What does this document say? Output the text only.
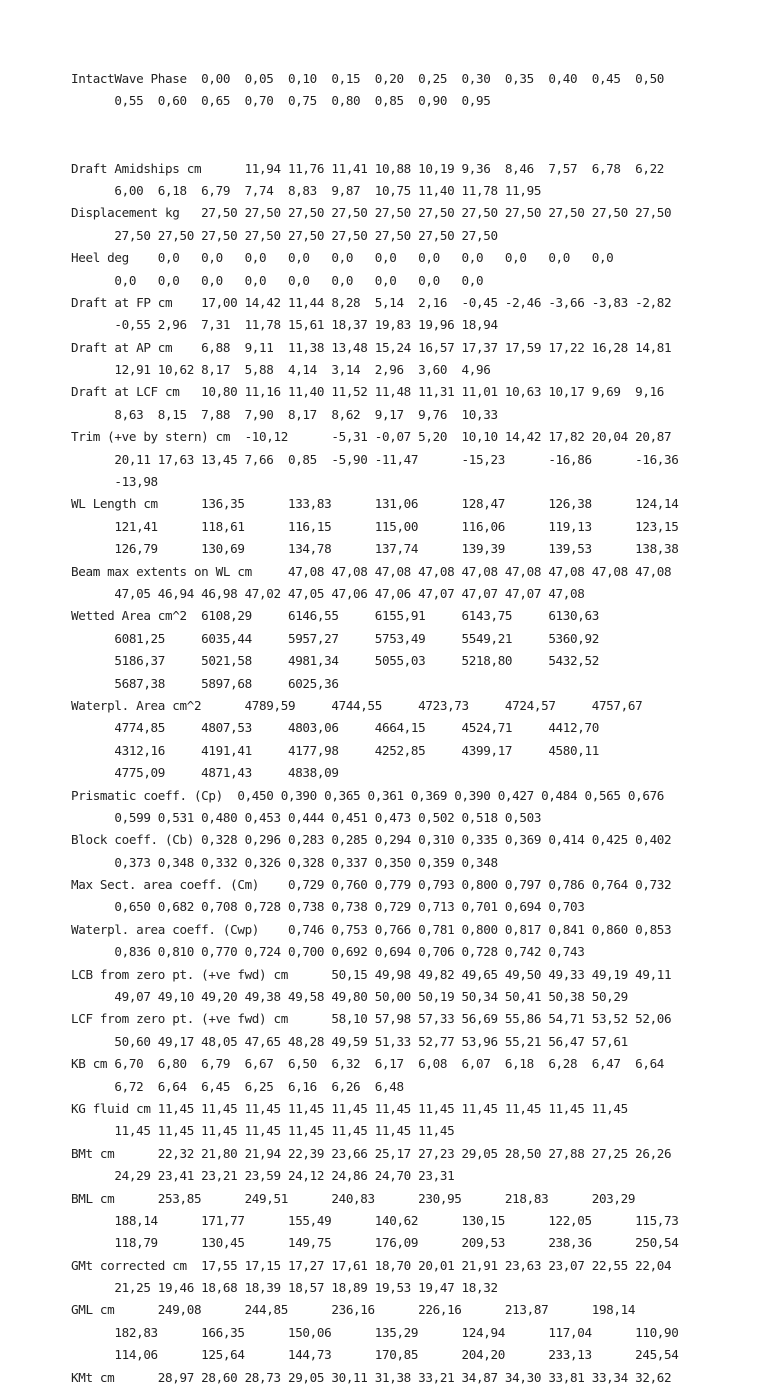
IntactWave Phase  0,00  0,05  0,10  0,15  0,20  0,25  0,30  0,35  0,40  0,45  0,50
0,55  0,60  0,65  0,70  0,75  0,80  0,85  0,90  0,95
Draft Amidships cm      11,94 11,76 11,41 10,88 10,19 9,36  8,46  7,57  6,78  6,22
6,00  6,18  6,79  7,74  8,83  9,87  10,75 11,40 11,78 11,95
Displacement kg   27,50 27,50 27,50 27,50 27,50 27,50 27,50 27,50 27,50 27,50 27,50
27,50 27,50 27,50 27,50 27,50 27,50 27,50 27,50 27,50
Heel deg    0,0   0,0   0,0   0,0   0,0   0,0   0,0   0,0   0,0   0,0   0,0
0,0   0,0   0,0   0,0   0,0   0,0   0,0   0,0   0,0
Draft at FP cm    17,00 14,42 11,44 8,28  5,14  2,16  -0,45 -2,46 -3,66 -3,83 -2,82
-0,55 2,96  7,31  11,78 15,61 18,37 19,83 19,96 18,94
Draft at AP cm    6,88  9,11  11,38 13,48 15,24 16,57 17,37 17,59 17,22 16,28 14,81
12,91 10,62 8,17  5,88  4,14  3,14  2,96  3,60  4,96
Draft at LCF cm   10,80 11,16 11,40 11,52 11,48 11,31 11,01 10,63 10,17 9,69  9,16
8,63  8,15  7,88  7,90  8,17  8,62  9,17  9,76  10,33
Trim (+ve by stern) cm  -10,12      -5,31 -0,07 5,20  10,10 14,42 17,82 20,04 20,87
20,11 17,63 13,45 7,66  0,85  -5,90 -11,47      -15,23      -16,86      -16,36
-13,98
WL Length cm      136,35      133,83      131,06      128,47      126,38      124,14
121,41      118,61      116,15      115,00      116,06      119,13      123,15
126,79      130,69      134,78      137,74      139,39      139,53      138,38
Beam max extents on WL cm     47,08 47,08 47,08 47,08 47,08 47,08 47,08 47,08 47,08
47,05 46,94 46,98 47,02 47,05 47,06 47,06 47,07 47,07 47,07 47,08
Wetted Area cm^2  6108,29     6146,55     6155,91     6143,75     6130,63
6081,25     6035,44     5957,27     5753,49     5549,21     5360,92
5186,37     5021,58     4981,34     5055,03     5218,80     5432,52
5687,38     5897,68     6025,36
Waterpl. Area cm^2      4789,59     4744,55     4723,73     4724,57     4757,67
4774,85     4807,53     4803,06     4664,15     4524,71     4412,70
4312,16     4191,41     4177,98     4252,85     4399,17     4580,11
4775,09     4871,43     4838,09
Prismatic coeff. (Cp)  0,450 0,390 0,365 0,361 0,369 0,390 0,427 0,484 0,565 0,676
0,599 0,531 0,480 0,453 0,444 0,451 0,473 0,502 0,518 0,503
Block coeff. (Cb) 0,328 0,296 0,283 0,285 0,294 0,310 0,335 0,369 0,414 0,425 0,402
0,373 0,348 0,332 0,326 0,328 0,337 0,350 0,359 0,348
Max Sect. area coeff. (Cm)    0,729 0,760 0,779 0,793 0,800 0,797 0,786 0,764 0,732
0,650 0,682 0,708 0,728 0,738 0,738 0,729 0,713 0,701 0,694 0,703
Waterpl. area coeff. (Cwp)    0,746 0,753 0,766 0,781 0,800 0,817 0,841 0,860 0,853
0,836 0,810 0,770 0,724 0,700 0,692 0,694 0,706 0,728 0,742 0,743
LCB from zero pt. (+ve fwd) cm      50,15 49,98 49,82 49,65 49,50 49,33 49,19 49,11
49,07 49,10 49,20 49,38 49,58 49,80 50,00 50,19 50,34 50,41 50,38 50,29
LCF from zero pt. (+ve fwd) cm      58,10 57,98 57,33 56,69 55,86 54,71 53,52 52,06
50,60 49,17 48,05 47,65 48,28 49,59 51,33 52,77 53,96 55,21 56,47 57,61
KB cm 6,70  6,80  6,79  6,67  6,50  6,32  6,17  6,08  6,07  6,18  6,28  6,47  6,64
6,72  6,64  6,45  6,25  6,16  6,26  6,48
KG fluid cm 11,45 11,45 11,45 11,45 11,45 11,45 11,45 11,45 11,45 11,45 11,45
11,45 11,45 11,45 11,45 11,45 11,45 11,45 11,45
BMt cm      22,32 21,80 21,94 22,39 23,66 25,17 27,23 29,05 28,50 27,88 27,25 26,26
24,29 23,41 23,21 23,59 24,12 24,86 24,70 23,31
BML cm      253,85      249,51      240,83      230,95      218,83      203,29
188,14      171,77      155,49      140,62      130,15      122,05      115,73
118,79      130,45      149,75      176,09      209,53      238,36      250,54
GMt corrected cm  17,55 17,15 17,27 17,61 18,70 20,01 21,91 23,63 23,07 22,55 22,04
21,25 19,46 18,68 18,39 18,57 18,89 19,53 19,47 18,32
GML cm      249,08      244,85      236,16      226,16      213,87      198,14
182,83      166,35      150,06      135,29      124,94      117,04      110,90
114,06      125,64      144,73      170,85      204,20      233,13      245,54
KMt cm      28,97 28,60 28,73 29,05 30,11 31,38 33,21 34,87 34,30 33,81 33,34 32,62
